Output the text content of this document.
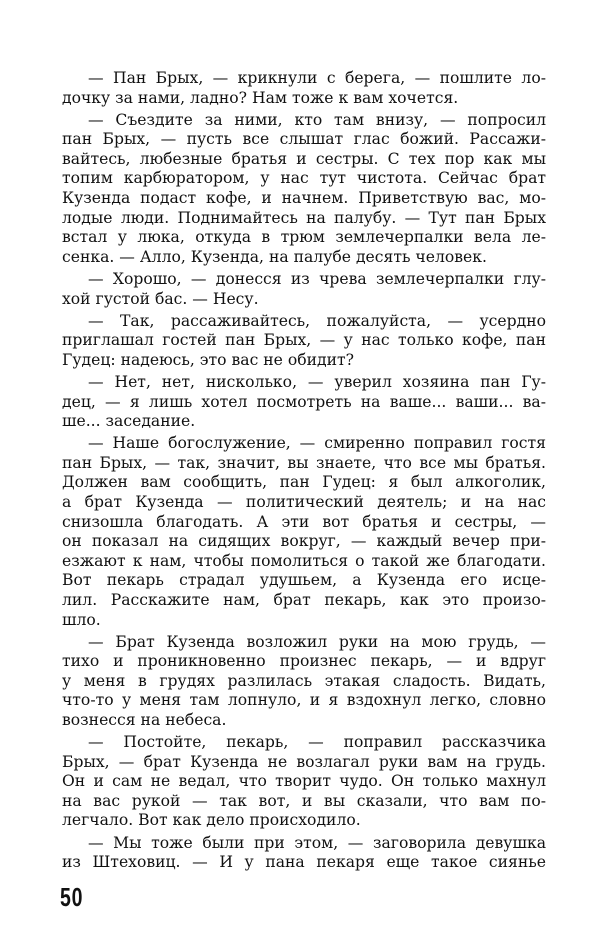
— Пан Брых, — крикнули с берега, — пошлите ло-
дочку за нами, ладно? Нам тоже к вам хочется.
— Съездите за ними, кто там внизу, — попросил
пан Брых, — пусть все слышат глас божий. Рассажи-
вайтесь, любезные братья и сестры. С тех пор как мы
топим карбюратором, у нас тут чистота. Сейчас брат
Кузенда подаст кофе, и начнем. Приветствую вас, мо-
лодые люди. Поднимайтесь на палубу. — Тут пан Брых
встал у люка, откуда в трюм землечерпалки вела ле-
сенка. — Алло, Кузенда, на палубе десять человек.
— Хорошо, — донесся из чрева землечерпалки глу-
хой густой бас. — Несу.
— Так, рассаживайтесь, пожалуйста, — усердно
приглашал гостей пан Брых, — у нас только кофе, пан
Гудец: надеюсь, это вас не обидит?
— Нет, нет, нисколько, — уверил хозяина пан Гу-
дец, — я лишь хотел посмотреть на ваше... ваши... ва-
ше... заседание.
— Наше богослужение, — смиренно поправил гостя
пан Брых, — так, значит, вы знаете, что все мы братья.
Должен вам сообщить, пан Гудец: я был алкоголик,
а брат Кузенда — политический деятель; и на нас
снизошла благодать. А эти вот братья и сестры, —
он показал на сидящих вокруг, — каждый вечер при-
езжают к нам, чтобы помолиться о такой же благодати.
Вот пекарь страдал удушьем, а Кузенда его исце-
лил. Расскажите нам, брат пекарь, как это произо-
шло.
— Брат Кузенда возложил руки на мою грудь, —
тихо и проникновенно произнес пекарь, — и вдруг
у меня в грудях разлилась этакая сладость. Видать,
что-то у меня там лопнуло, и я вздохнул легко, словно
вознесся на небеса.
— Постойте, пекарь, — поправил рассказчика
Брых, — брат Кузенда не возлагал руки вам на грудь.
Он и сам не ведал, что творит чудо. Он только махнул
на вас рукой — так вот, и вы сказали, что вам по-
легчало. Вот как дело происходило.
— Мы тоже были при этом, — заговорила девушка
из Штеховиц. — И у пана пекаря еще такое сиянье
50
